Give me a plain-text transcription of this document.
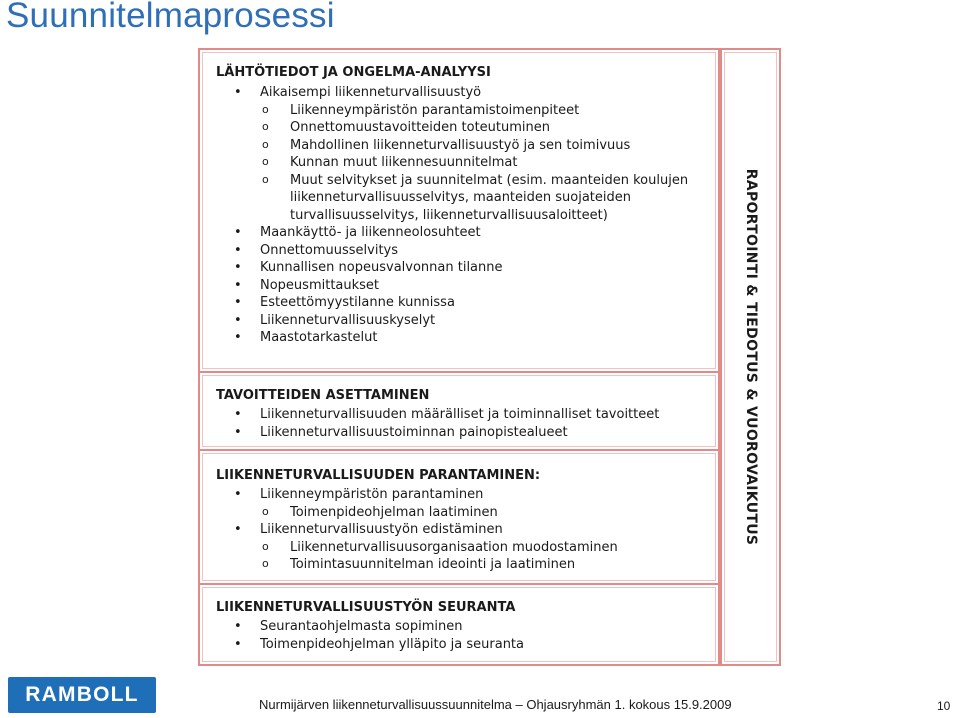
Suunnitelmaprosessi

LÄHTÖTIEDOT JA ONGELMA-ANALYYSI

• Aikaisempi liikenneturvallisuustyö
o Liikenneympäristön parantamistoimenpiteet
o Onnettomuustavoitteiden toteutuminen
o Mahdollinen liikenneturvallisuustyö ja sen toimivuus
o Kunnan muut liikennesuunnitelmat
o Muut selvitykset ja suunnitelmat (esim. maanteiden koulujen liikenneturvallisuusselvitys, maanteiden suojateiden turvallisuusselvitys, liikenneturvallisuusaloitteet)
• Maankäyttö- ja liikenneolosuhteet
• Onnettomuusselvitys
• Kunnallisen nopeusvalvonnan tilanne
• Nopeusmittaukset
• Esteettömyystilanne kunnissa
• Liikenneturvallisuuskyselyt
• Maastotarkastelut

TAVOITTEIDEN ASETTAMINEN

• Liikenneturvallisuuden määrälliset ja toiminnalliset tavoitteet
• Liikenneturvallisuustoiminnan painopistealueet

LIIKENNETURVALLISUUDEN PARANTAMINEN:

• Liikenneympäristön parantaminen
o Toimenpideohjelman laatiminen
• Liikenneturvallisuustyön edistäminen
o Liikenneturvallisuusorganisaation muodostaminen
o Toimintasuunnitelman ideointi ja laatiminen

LIIKENNETURVALLISUUSTYÖN SEURANTA

• Seurantaohjelmasta sopiminen
• Toimenpideohjelman ylläpito ja seuranta
RAPORTOINTI & TIEDOTUS & VUOROVAIKUTUS
RAMBOLL	Nurmijärven liikenneturvallisuussuunnitelma – Ohjausryhmän 1. kokous 15.9.2009	10
